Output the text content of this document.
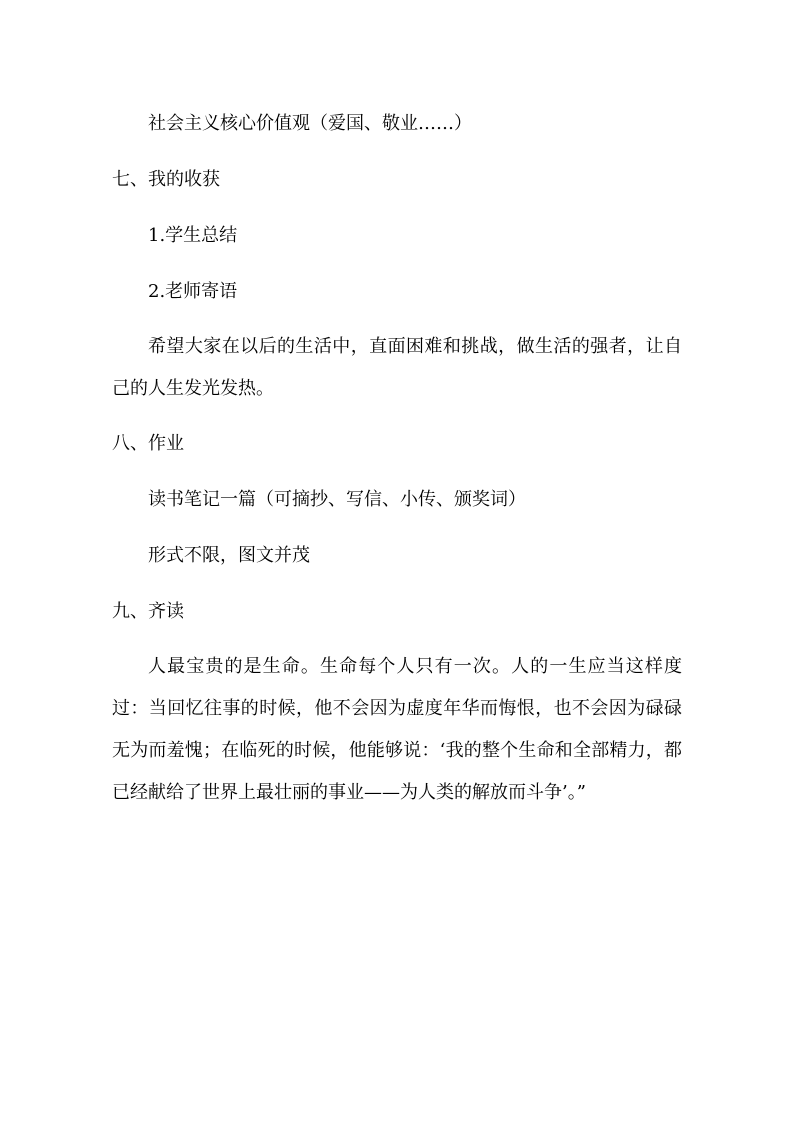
社会主义核心价值观（爱国、敬业……）
七、我的收获
1.学生总结
2.老师寄语
希望大家在以后的生活中，直面困难和挑战，做生活的强者，让自己的人生发光发热。
八、作业
读书笔记一篇（可摘抄、写信、小传、颁奖词）
形式不限，图文并茂
九、齐读
人最宝贵的是生命。生命每个人只有一次。人的一生应当这样度过：当回忆往事的时候，他不会因为虚度年华而悔恨，也不会因为碌碌无为而羞愧；在临死的时候，他能够说：‘我的整个生命和全部精力，都已经献给了世界上最壮丽的事业——为人类的解放而斗争’。”
